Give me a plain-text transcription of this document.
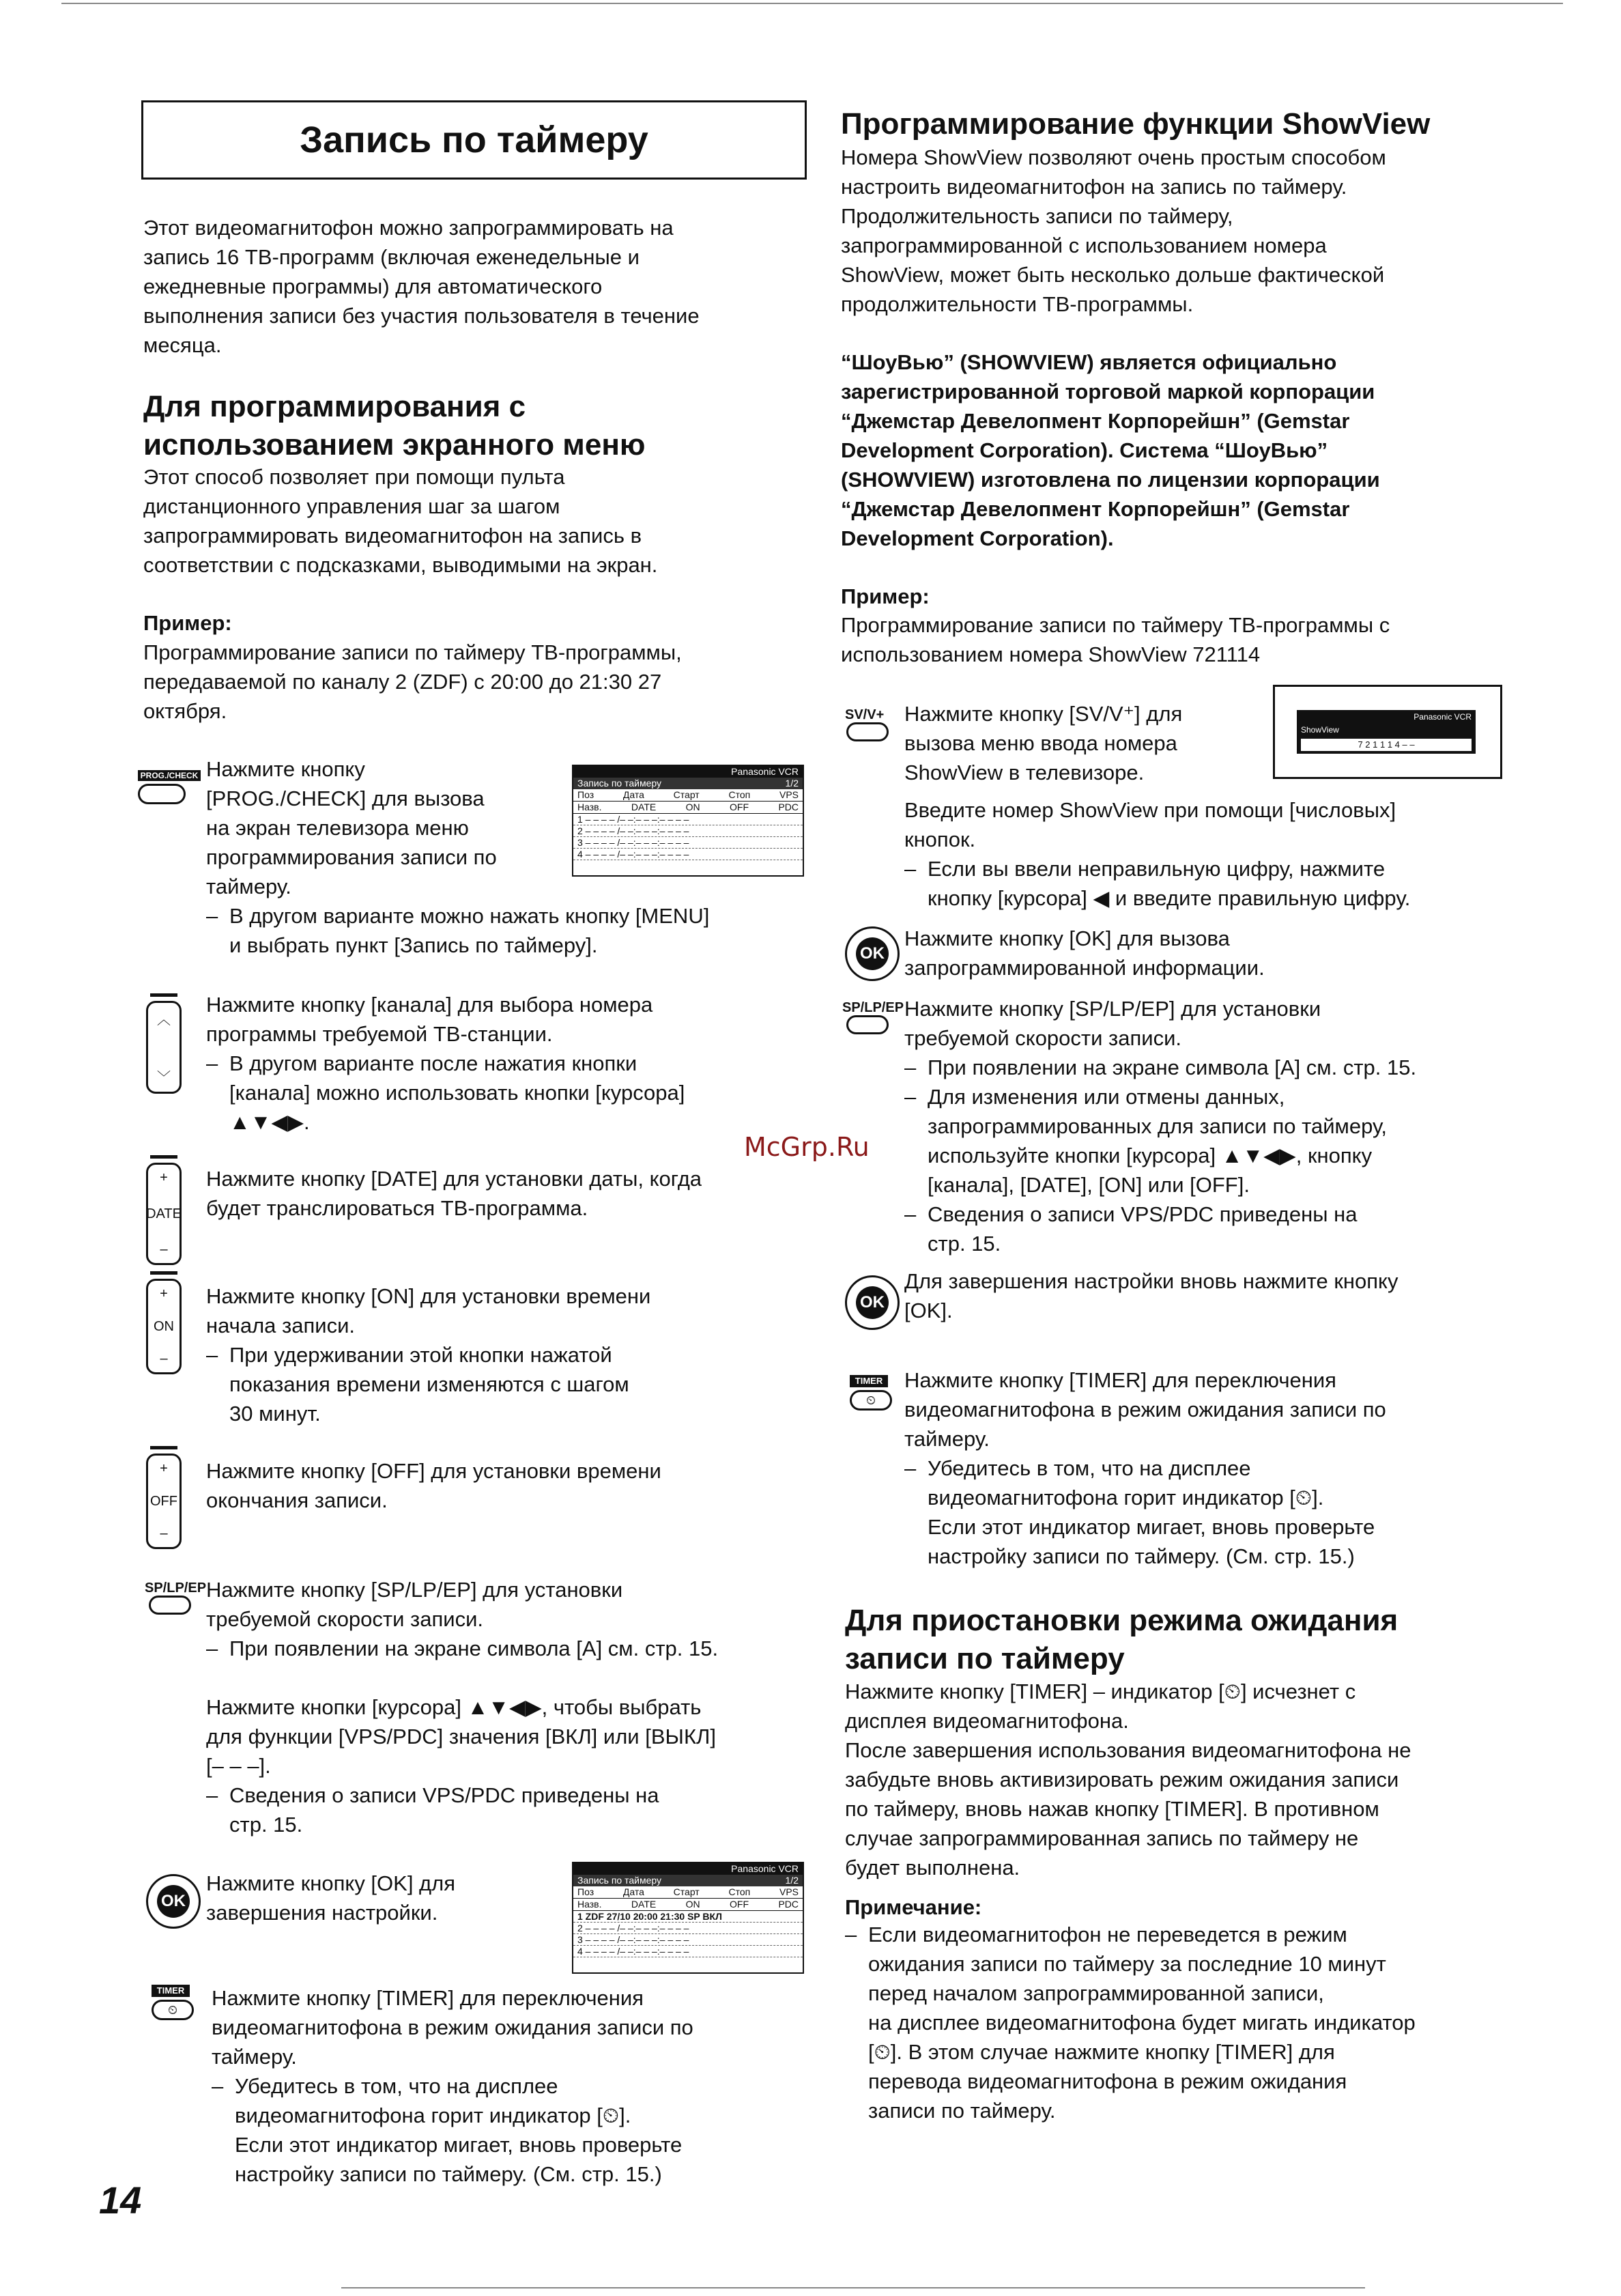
Запись по таймеру
Этот видеомагнитофон можно запрограммировать на
запись 16 ТВ-программ (включая еженедельные и
ежедневные программы) для автоматического
выполнения записи без участия пользователя в течение
месяца.
Для программирования с
использованием экранного меню
Этот способ позволяет при помощи пульта
дистанционного управления шаг за шагом
запрограммировать видеомагнитофон на запись в
соответствии с подсказками, выводимыми на экран.
Пример:
Программирование записи по таймеру ТВ-программы,
передаваемой по каналу 2 (ZDF) с 20:00 до 21:30 27
октября.
PROG./CHECK Нажмите кнопку
[PROG./CHECK] для вызова
на экран телевизора меню
программирования записи по
таймеру.
Panasonic VCR
Запись по таймеру	1/2
Поз	Дата	Старт	Стоп	VPS
Назв.	DATE	ON	OFF	PDC
1 – – – – /– –:– – –:– – – –
2 – – – – /– –:– – –:– – – –
3 – – – – /– –:– – –:– – – –
4 – – – – /– –:– – –:– – – –
– В другом варианте можно нажать кнопку [MENU]
и выбрать пункт [Запись по таймеру].
︿
﹀
Нажмите кнопку [канала] для выбора номера
программы требуемой ТВ-станции.
– В другом варианте после нажатия кнопки
[канала] можно использовать кнопки [курсора]
▲▼◀▶.
+
DATE
–
Нажмите кнопку [DATE] для установки даты, когда
будет транслироваться ТВ-программа.
+
ON
–
Нажмите кнопку [ON] для установки времени
начала записи.
– При удерживании этой кнопки нажатой
показания времени изменяются с шагом
30 минут.
+
OFF
–
Нажмите кнопку [OFF] для установки времени
окончания записи.
SP/LP/EP Нажмите кнопку [SP/LP/EP] для установки
требуемой скорости записи.
– При появлении на экране символа [A] см. стр. 15.
Нажмите кнопки [курсора] ▲▼◀▶, чтобы выбрать
для функции [VPS/PDC] значения [ВКЛ] или [ВЫКЛ]
[– – –].
– Сведения о записи VPS/PDC приведены на
стр. 15.
OK
Нажмите кнопку [OK] для
завершения настройки.
Panasonic VCR
Запись по таймеру	1/2
Поз	Дата	Старт	Стоп	VPS
Назв.	DATE	ON	OFF	PDC
1 ZDF 27/10 20:00 21:30 SP ВКЛ
2 – – – – /– –:– – –:– – – –
3 – – – – /– –:– – –:– – – –
4 – – – – /– –:– – –:– – – –
TIMER
⏲	Нажмите кнопку [TIMER] для переключения
видеомагнитофона в режим ожидания записи по
таймеру.
– Убедитесь в том, что на дисплее
видеомагнитофона горит индикатор [⏲].
Если этот индикатор мигает, вновь проверьте
настройку записи по таймеру. (См. стр. 15.)
14
Программирование функции ShowView
Номера ShowView позволяют очень простым способом
настроить видеомагнитофон на запись по таймеру.
Продолжительность записи по таймеру,
запрограммированной с использованием номера
ShowView, может быть несколько дольше фактической
продолжительности ТВ-программы.
“ШоуВью” (SHOWVIEW) является официально
зарегистрированной торговой маркой корпорации
“Джемстар Девелопмент Корпорейшн” (Gemstar
Development Corporation). Система “ШоуВью”
(SHOWVIEW) изготовлена по лицензии корпорации
“Джемстар Девелопмент Корпорейшн” (Gemstar
Development Corporation).
Пример:
Программирование записи по таймеру ТВ-программы с
использованием номера ShowView 721114
SV/V+ Нажмите кнопку [SV/V⁺] для
вызова меню ввода номера
ShowView в телевизоре.
Panasonic VCR
ShowView
7 2 1 1 1 4 – –
Введите номер ShowView при помощи [числовых]
кнопок.
– Если вы ввели неправильную цифру, нажмите
кнопку [курсора] ◀ и введите правильную цифру.
OK
Нажмите кнопку [OK] для вызова
запрограммированной информации.
SP/LP/EP Нажмите кнопку [SP/LP/EP] для установки
требуемой скорости записи.
– При появлении на экране символа [A] см. стр. 15.
– Для изменения или отмены данных,
запрограммированных для записи по таймеру,
используйте кнопки [курсора] ▲▼◀▶, кнопку
[канала], [DATE], [ON] или [OFF].
– Сведения о записи VPS/PDC приведены на
стр. 15.
OK
Для завершения настройки вновь нажмите кнопку
[OK].
TIMER
⏲
Нажмите кнопку [TIMER] для переключения
видеомагнитофона в режим ожидания записи по
таймеру.
– Убедитесь в том, что на дисплее
видеомагнитофона горит индикатор [⏲].
Если этот индикатор мигает, вновь проверьте
настройку записи по таймеру. (См. стр. 15.)
Для приостановки режима ожидания
записи по таймеру
Нажмите кнопку [TIMER] – индикатор [⏲] исчезнет с
дисплея видеомагнитофона.
После завершения использования видеомагнитофона не
забудьте вновь активизировать режим ожидания записи
по таймеру, вновь нажав кнопку [TIMER]. В противном
случае запрограммированная запись по таймеру не
будет выполнена.
Примечание:
– Если видеомагнитофон не переведется в режим
ожидания записи по таймеру за последние 10 минут
перед началом запрограммированной записи,
на дисплее видеомагнитофона будет мигать индикатор
[⏲]. В этом случае нажмите кнопку [TIMER] для
перевода видеомагнитофона в режим ожидания
записи по таймеру.
McGrp.Ru
